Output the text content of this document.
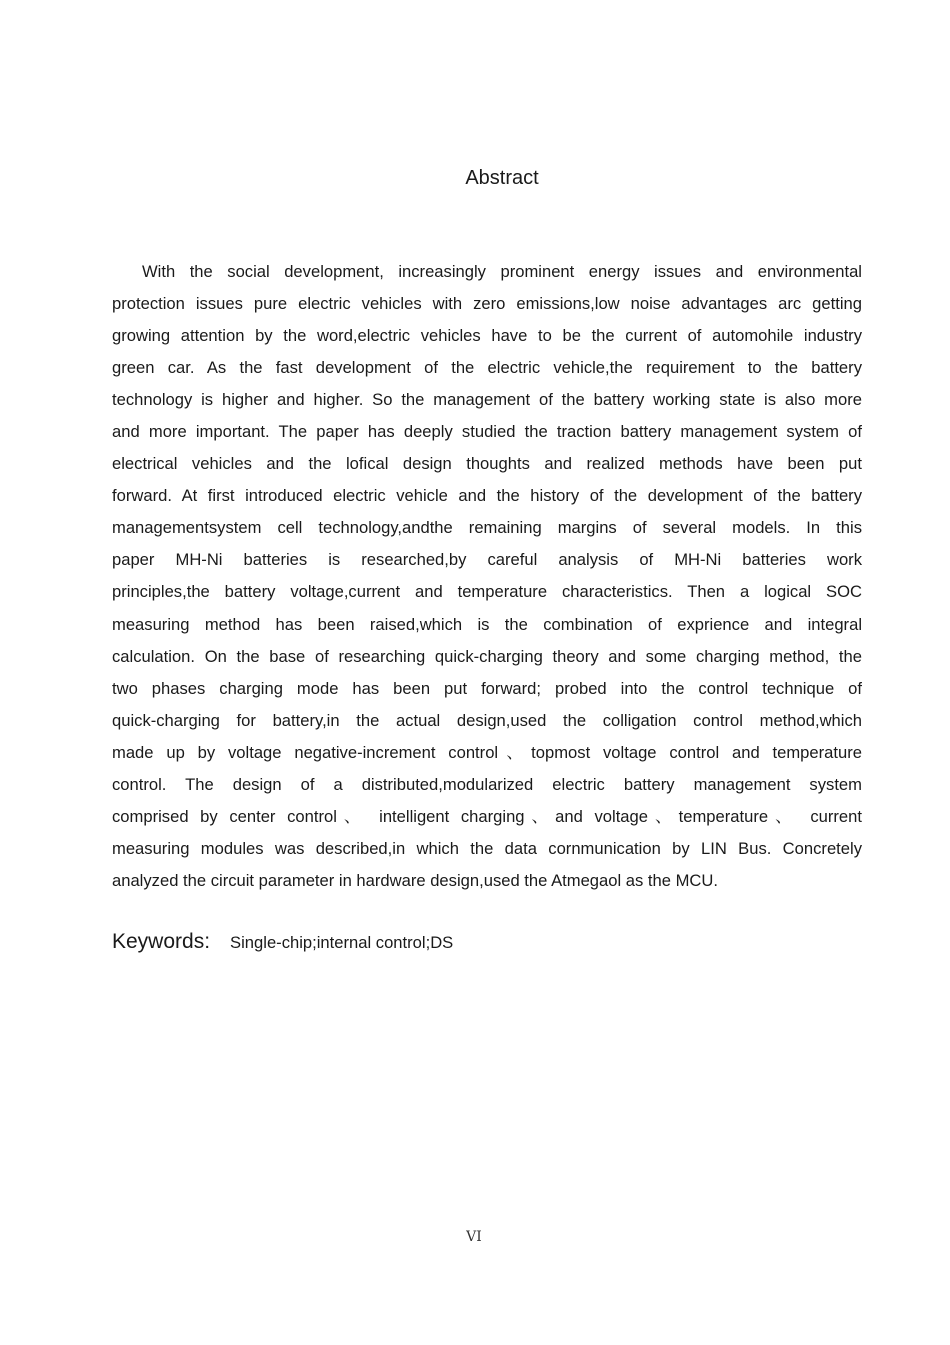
Abstract
With the social development, increasingly prominent energy issues and environmental
protection issues pure electric vehicles with zero emissions,low noise advantages arc getting
growing attention by the word,electric vehicles have to be the current of automohile industry
green car. As the fast development of the electric vehicle,the requirement to the battery
technology is higher and higher. So the management of the battery working state is also more
and more important. The paper has deeply studied the traction battery management system of
electrical vehicles and the lofical design thoughts and realized methods have been put
forward. At first introduced electric vehicle and the history of the development of the battery
managementsystem cell technology,andthe remaining margins of several models. In this
paper MH-Ni batteries is researched,by careful analysis of MH-Ni batteries work
principles,the battery voltage,current and temperature characteristics. Then a logical SOC
measuring method has been raised,which is the combination of exprience and integral
calculation. On the base of researching quick-charging theory and some charging method, the
two phases charging mode has been put forward; probed into the control technique of
quick-charging for battery,in the actual design,used the colligation control method,which
made up by voltage negative-increment control、topmost voltage control and temperature
control. The design of a distributed,modularized electric battery management system
comprised by center control、 intelligent charging、and voltage、temperature、 current
measuring modules was described,in which the data cornmunication by LIN Bus. Concretely
analyzed the circuit parameter in hardware design,used the Atmegaol as the MCU.
Keywords: Single-chip;internal control;DS
VI
